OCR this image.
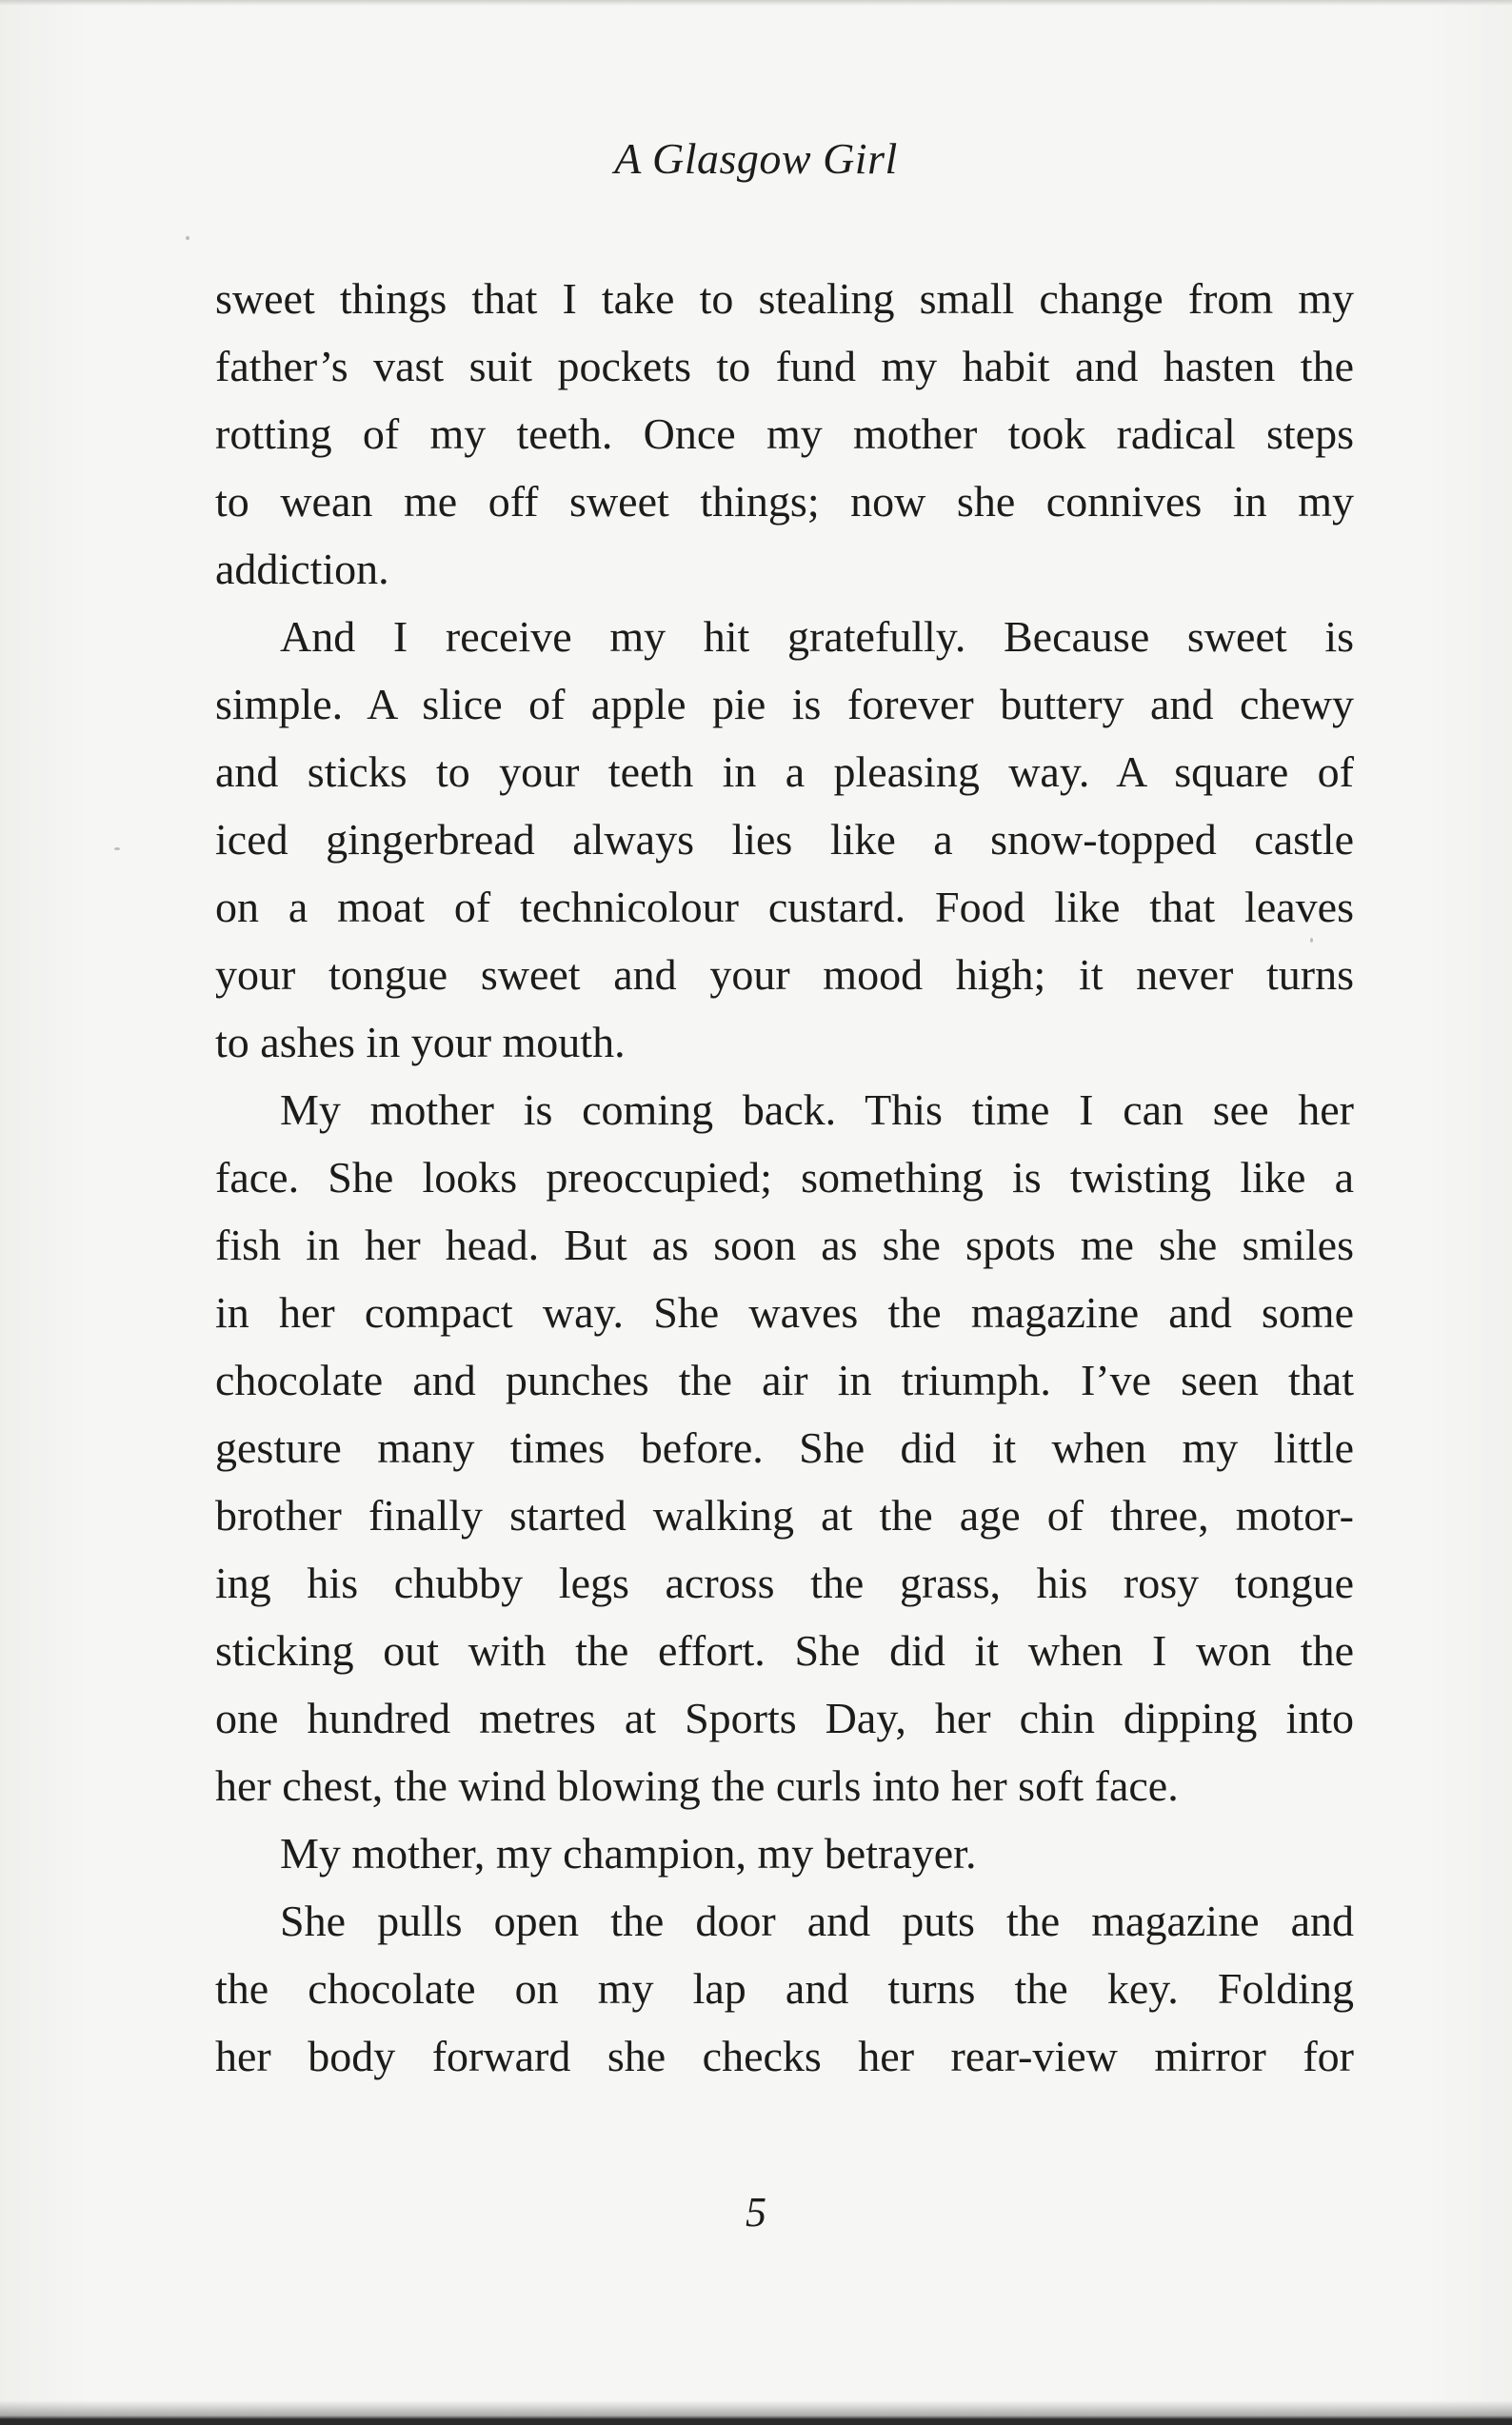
A Glasgow Girl
sweet things that I take to stealing small change from my
father’s vast suit pockets to fund my habit and hasten the
rotting of my teeth. Once my mother took radical steps
to wean me off sweet things; now she connives in my
addiction.
And I receive my hit gratefully. Because sweet is
simple. A slice of apple pie is forever buttery and chewy
and sticks to your teeth in a pleasing way. A square of
iced gingerbread always lies like a snow-topped castle
on a moat of technicolour custard. Food like that leaves
your tongue sweet and your mood high; it never turns
to ashes in your mouth.
My mother is coming back. This time I can see her
face. She looks preoccupied; something is twisting like a
fish in her head. But as soon as she spots me she smiles
in her compact way. She waves the magazine and some
chocolate and punches the air in triumph. I’ve seen that
gesture many times before. She did it when my little
brother finally started walking at the age of three, motor-
ing his chubby legs across the grass, his rosy tongue
sticking out with the effort. She did it when I won the
one hundred metres at Sports Day, her chin dipping into
her chest, the wind blowing the curls into her soft face.
My mother, my champion, my betrayer.
She pulls open the door and puts the magazine and
the chocolate on my lap and turns the key. Folding
her body forward she checks her rear-view mirror for
5
